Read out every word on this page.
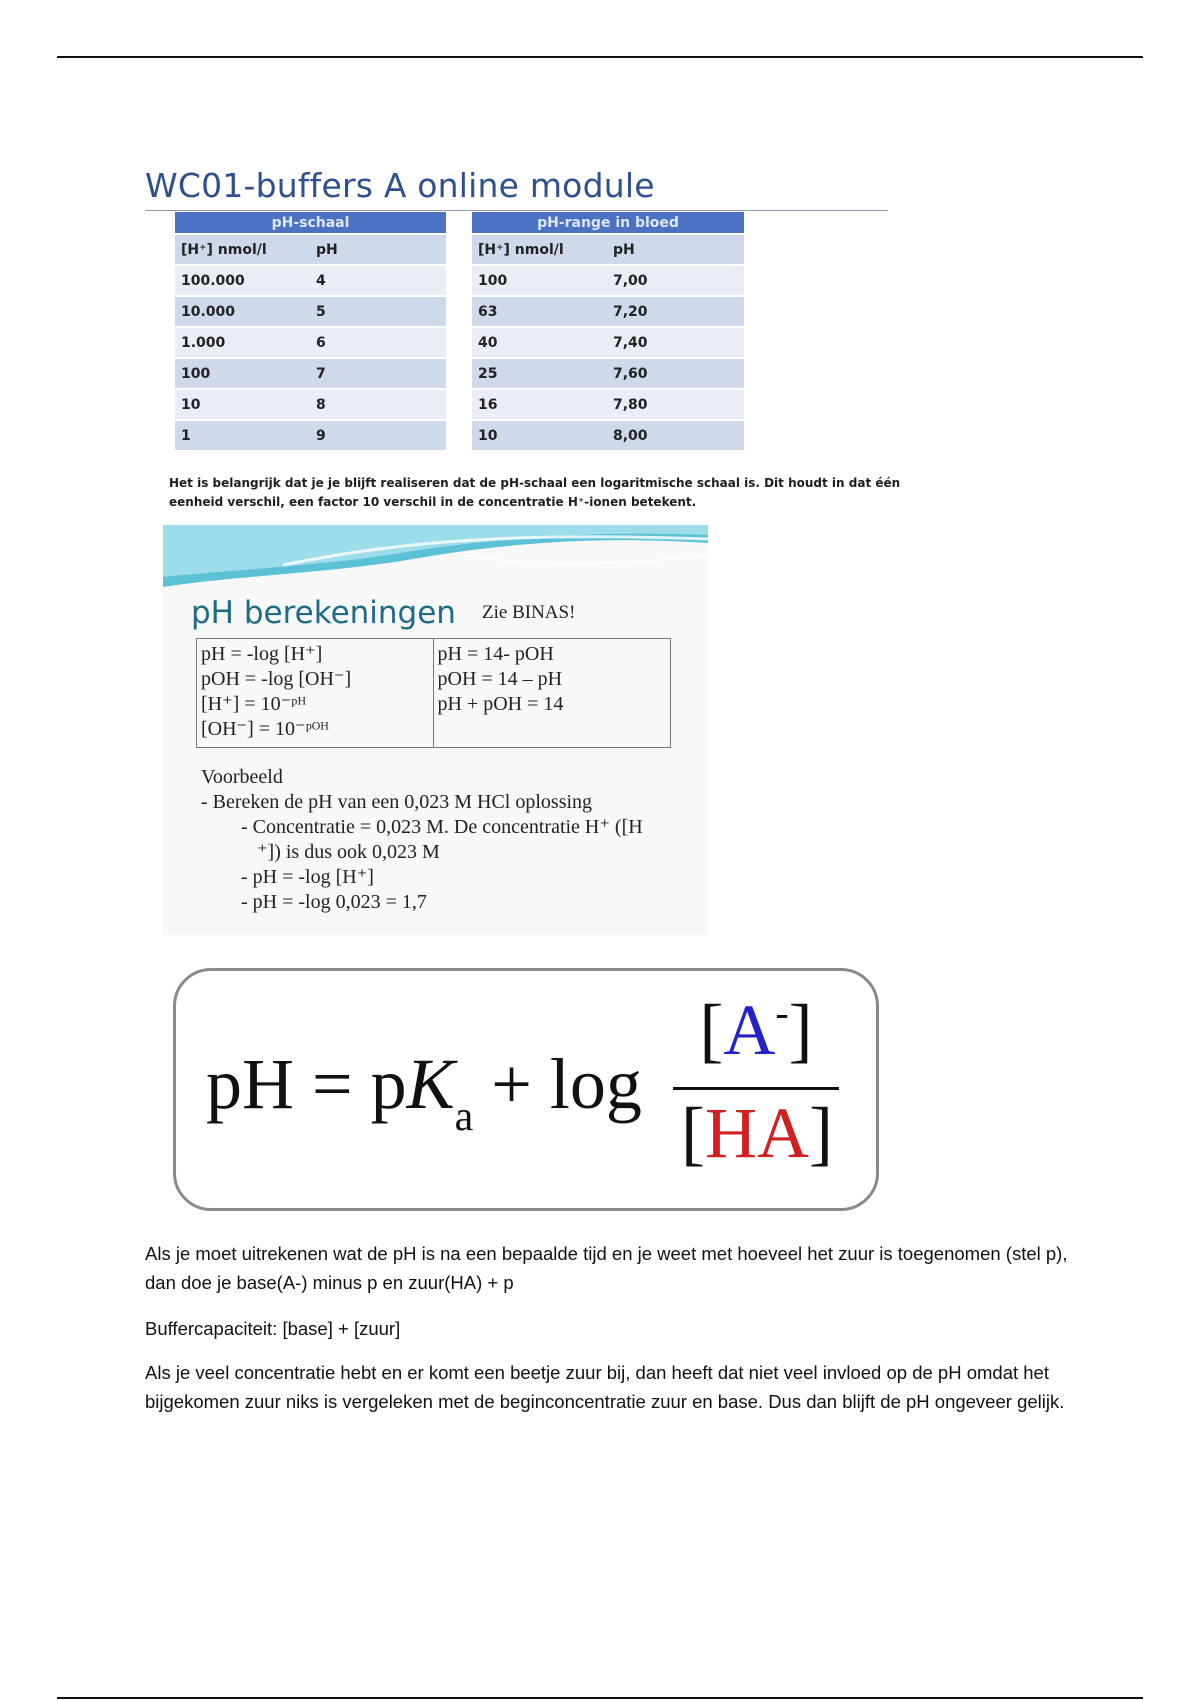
WC01-buffers A online module
pH-schaal	
[H⁺] nmol/l	pH
100.000	4
10.000	5
1.000	6
100	7
10	8
1	9
pH-range in bloed	
[H⁺] nmol/l	pH
100	7,00
63	7,20
40	7,40
25	7,60
16	7,80
10	8,00
Het is belangrijk dat je je blijft realiseren dat de pH-schaal een logaritmische schaal is. Dit houdt in dat één eenheid verschil, een factor 10 verschil in de concentratie H⁺-ionen betekent.
pH berekeningen Zie BINAS!
pH = -log [H⁺]
pOH = -log [OH⁻]
[H⁺] = 10⁻ᵖᴴ
[OH⁻] = 10⁻ᵖᴼᴴ
pH = 14- pOH
pOH = 14 – pH
pH + pOH = 14
Voorbeeld
- Bereken de pH van een 0,023 M HCl oplossing
- Concentratie = 0,023 M. De concentratie H⁺ ([H
⁺]) is dus ook 0,023 M
- pH = -log [H⁺]
- pH = -log 0,023 = 1,7
pH = $pK_a + \log$
[A-]
[HA]
Als je moet uitrekenen wat de pH is na een bepaalde tijd en je weet met hoeveel het zuur is toegenomen (stel p), dan doe je base(A-) minus p en zuur(HA) + p
Buffercapaciteit: [base] + [zuur]
Als je veel concentratie hebt en er komt een beetje zuur bij, dan heeft dat niet veel invloed op de pH omdat het bijgekomen zuur niks is vergeleken met de beginconcentratie zuur en base. Dus dan blijft de pH ongeveer gelijk.
